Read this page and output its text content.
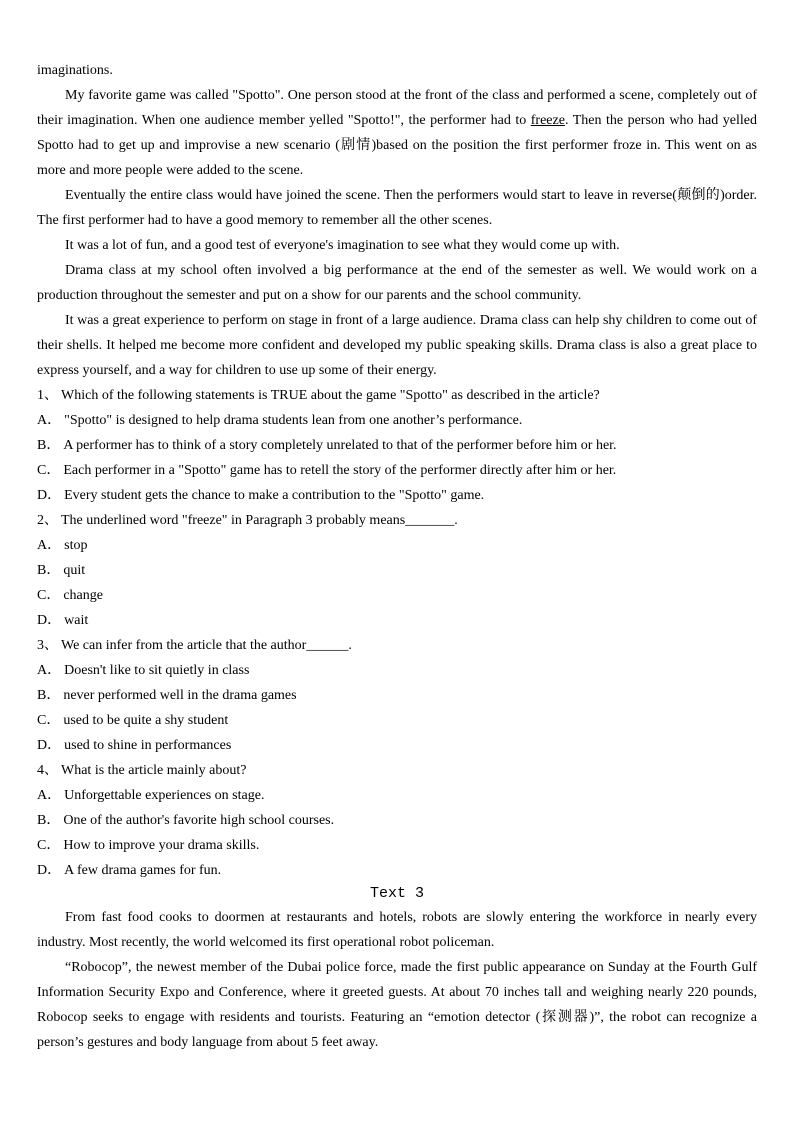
imaginations.

My favorite game was called "Spotto". One person stood at the front of the class and performed a scene, completely out of their imagination. When one audience member yelled "Spotto!", the performer had to freeze. Then the person who had yelled Spotto had to get up and improvise a new scenario (剧情)based on the position the first performer froze in. This went on as more and more people were added to the scene.

Eventually the entire class would have joined the scene. Then the performers would start to leave in reverse(颠倒的)order. The first performer had to have a good memory to remember all the other scenes.

It was a lot of fun, and a good test of everyone's imagination to see what they would come up with.

Drama class at my school often involved a big performance at the end of the semester as well. We would work on a production throughout the semester and put on a show for our parents and the school community.

It was a great experience to perform on stage in front of a large audience. Drama class can help shy children to come out of their shells. It helped me become more confident and developed my public speaking skills. Drama class is also a great place to express yourself, and a way for children to use up some of their energy.

1、 Which of the following statements is TRUE about the game "Spotto" as described in the article?

A． "Spotto" is designed to help drama students lean from one another’s performance.

B． A performer has to think of a story completely unrelated to that of the performer before him or her.

C． Each performer in a "Spotto" game has to retell the story of the performer directly after him or her.

D． Every student gets the chance to make a contribution to the "Spotto" game.

2、 The underlined word "freeze" in Paragraph 3 probably means_______.

A． stop

B． quit

C． change

D． wait

3、 We can infer from the article that the author______.

A． Doesn't like to sit quietly in class

B． never performed well in the drama games

C． used to be quite a shy student

D． used to shine in performances

4、 What is the article mainly about?

A． Unforgettable experiences on stage.

B． One of the author's favorite high school courses.

C． How to improve your drama skills.

D． A few drama games for fun.

Text 3

From fast food cooks to doormen at restaurants and hotels, robots are slowly entering the workforce in nearly every industry. Most recently, the world welcomed its first operational robot policeman.

“Robocop”, the newest member of the Dubai police force, made the first public appearance on Sunday at the Fourth Gulf Information Security Expo and Conference, where it greeted guests. At about 70 inches tall and weighing nearly 220 pounds, Robocop seeks to engage with residents and tourists. Featuring an “emotion detector (探测器)”, the robot can recognize a person’s gestures and body language from about 5 feet away.
